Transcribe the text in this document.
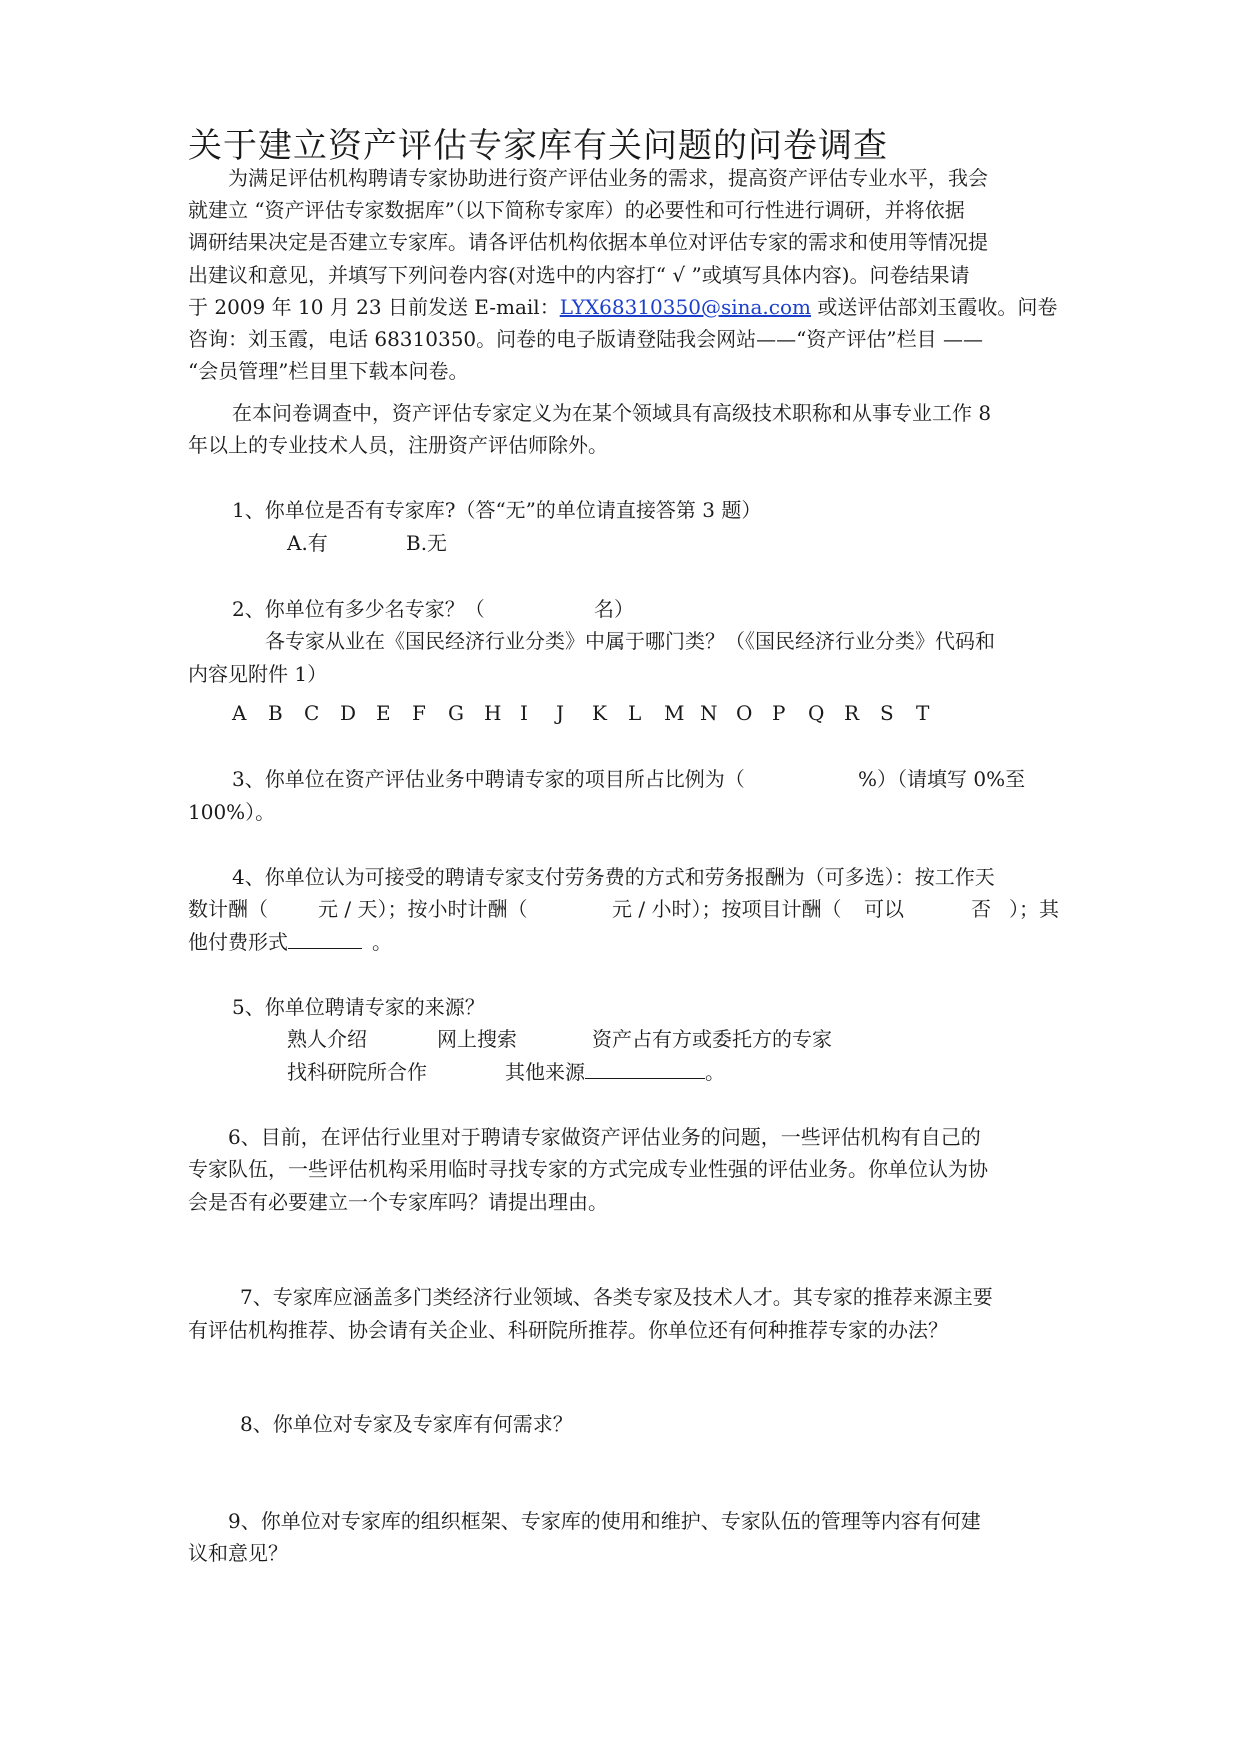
关于建立资产评估专家库有关问题的问卷调查
为满足评估机构聘请专家协助进行资产评估业务的需求，提高资产评估专业水平，我会
就建立 “资产评估专家数据库”（以下简称专家库）的必要性和可行性进行调研，并将依据
调研结果决定是否建立专家库。请各评估机构依据本单位对评估专家的需求和使用等情况提
出建议和意见，并填写下列问卷内容(对选中的内容打“ √ ”或填写具体内容)。问卷结果请
于 2009 年 10 月 23 日前发送 E-mail：LYX68310350@sina.com 或送评估部刘玉霞收。问卷
咨询：刘玉霞，电话 68310350。问卷的电子版请登陆我会网站——“资产评估”栏目 ——
“会员管理”栏目里下载本问卷。
在本问卷调查中，资产评估专家定义为在某个领域具有高级技术职称和从事专业工作 8
年以上的专业技术人员，注册资产评估师除外。
1、你单位是否有专家库?（答“无”的单位请直接答第 3 题）
A.有	B.无
2、你单位有多少名专家？（	名）
各专家从业在《国民经济行业分类》中属于哪门类？（《国民经济行业分类》代码和
内容见附件 1）
A B C D E F G H I J K L M N O P Q R S T
3、你单位在资产评估业务中聘请专家的项目所占比例为（	%）（请填写 0%至
100%）。
4、你单位认为可接受的聘请专家支付劳务费的方式和劳务报酬为（可多选）：按工作天
数计酬（	元 / 天）；按小时计酬（	元 / 小时）；按项目计酬（ 可以	否 ）；其
他付费形式	。
5、你单位聘请专家的来源？
熟人介绍	网上搜索	资产占有方或委托方的专家
找科研院所合作	其他来源	。
6、目前，在评估行业里对于聘请专家做资产评估业务的问题，一些评估机构有自己的
专家队伍，一些评估机构采用临时寻找专家的方式完成专业性强的评估业务。你单位认为协
会是否有必要建立一个专家库吗？请提出理由。
7、专家库应涵盖多门类经济行业领域、各类专家及技术人才。其专家的推荐来源主要
有评估机构推荐、协会请有关企业、科研院所推荐。你单位还有何种推荐专家的办法？
8、你单位对专家及专家库有何需求？
9、你单位对专家库的组织框架、专家库的使用和维护、专家队伍的管理等内容有何建
议和意见？
